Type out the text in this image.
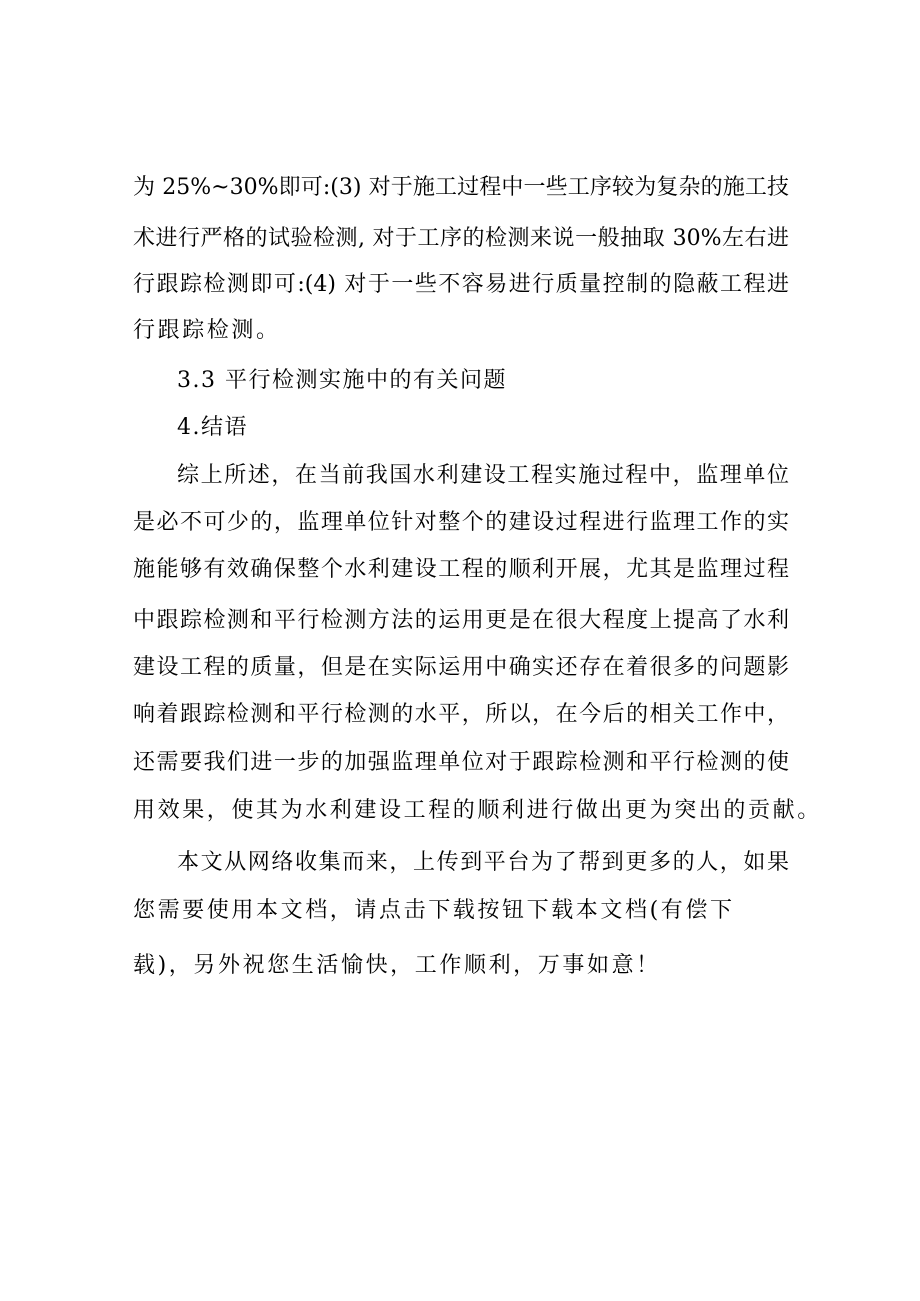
为 25%~30%即可:(3) 对于施工过程中一些工序较为复杂的施工技
术进行严格的试验检测, 对于工序的检测来说一般抽取 30%左右进
行跟踪检测即可:(4) 对于一些不容易进行质量控制的隐蔽工程进
行跟踪检测。
3.3 平行检测实施中的有关问题
4.结语
综上所述，在当前我国水利建设工程实施过程中，监理单位
是必不可少的，监理单位针对整个的建设过程进行监理工作的实
施能够有效确保整个水利建设工程的顺利开展，尤其是监理过程
中跟踪检测和平行检测方法的运用更是在很大程度上提高了水利
建设工程的质量，但是在实际运用中确实还存在着很多的问题影
响着跟踪检测和平行检测的水平，所以，在今后的相关工作中，
还需要我们进一步的加强监理单位对于跟踪检测和平行检测的使
用效果，使其为水利建设工程的顺利进行做出更为突出的贡献。
本文从网络收集而来，上传到平台为了帮到更多的人，如果
您需要使用本文档，请点击下载按钮下载本文档(有偿下
载)，另外祝您生活愉快，工作顺利，万事如意！
